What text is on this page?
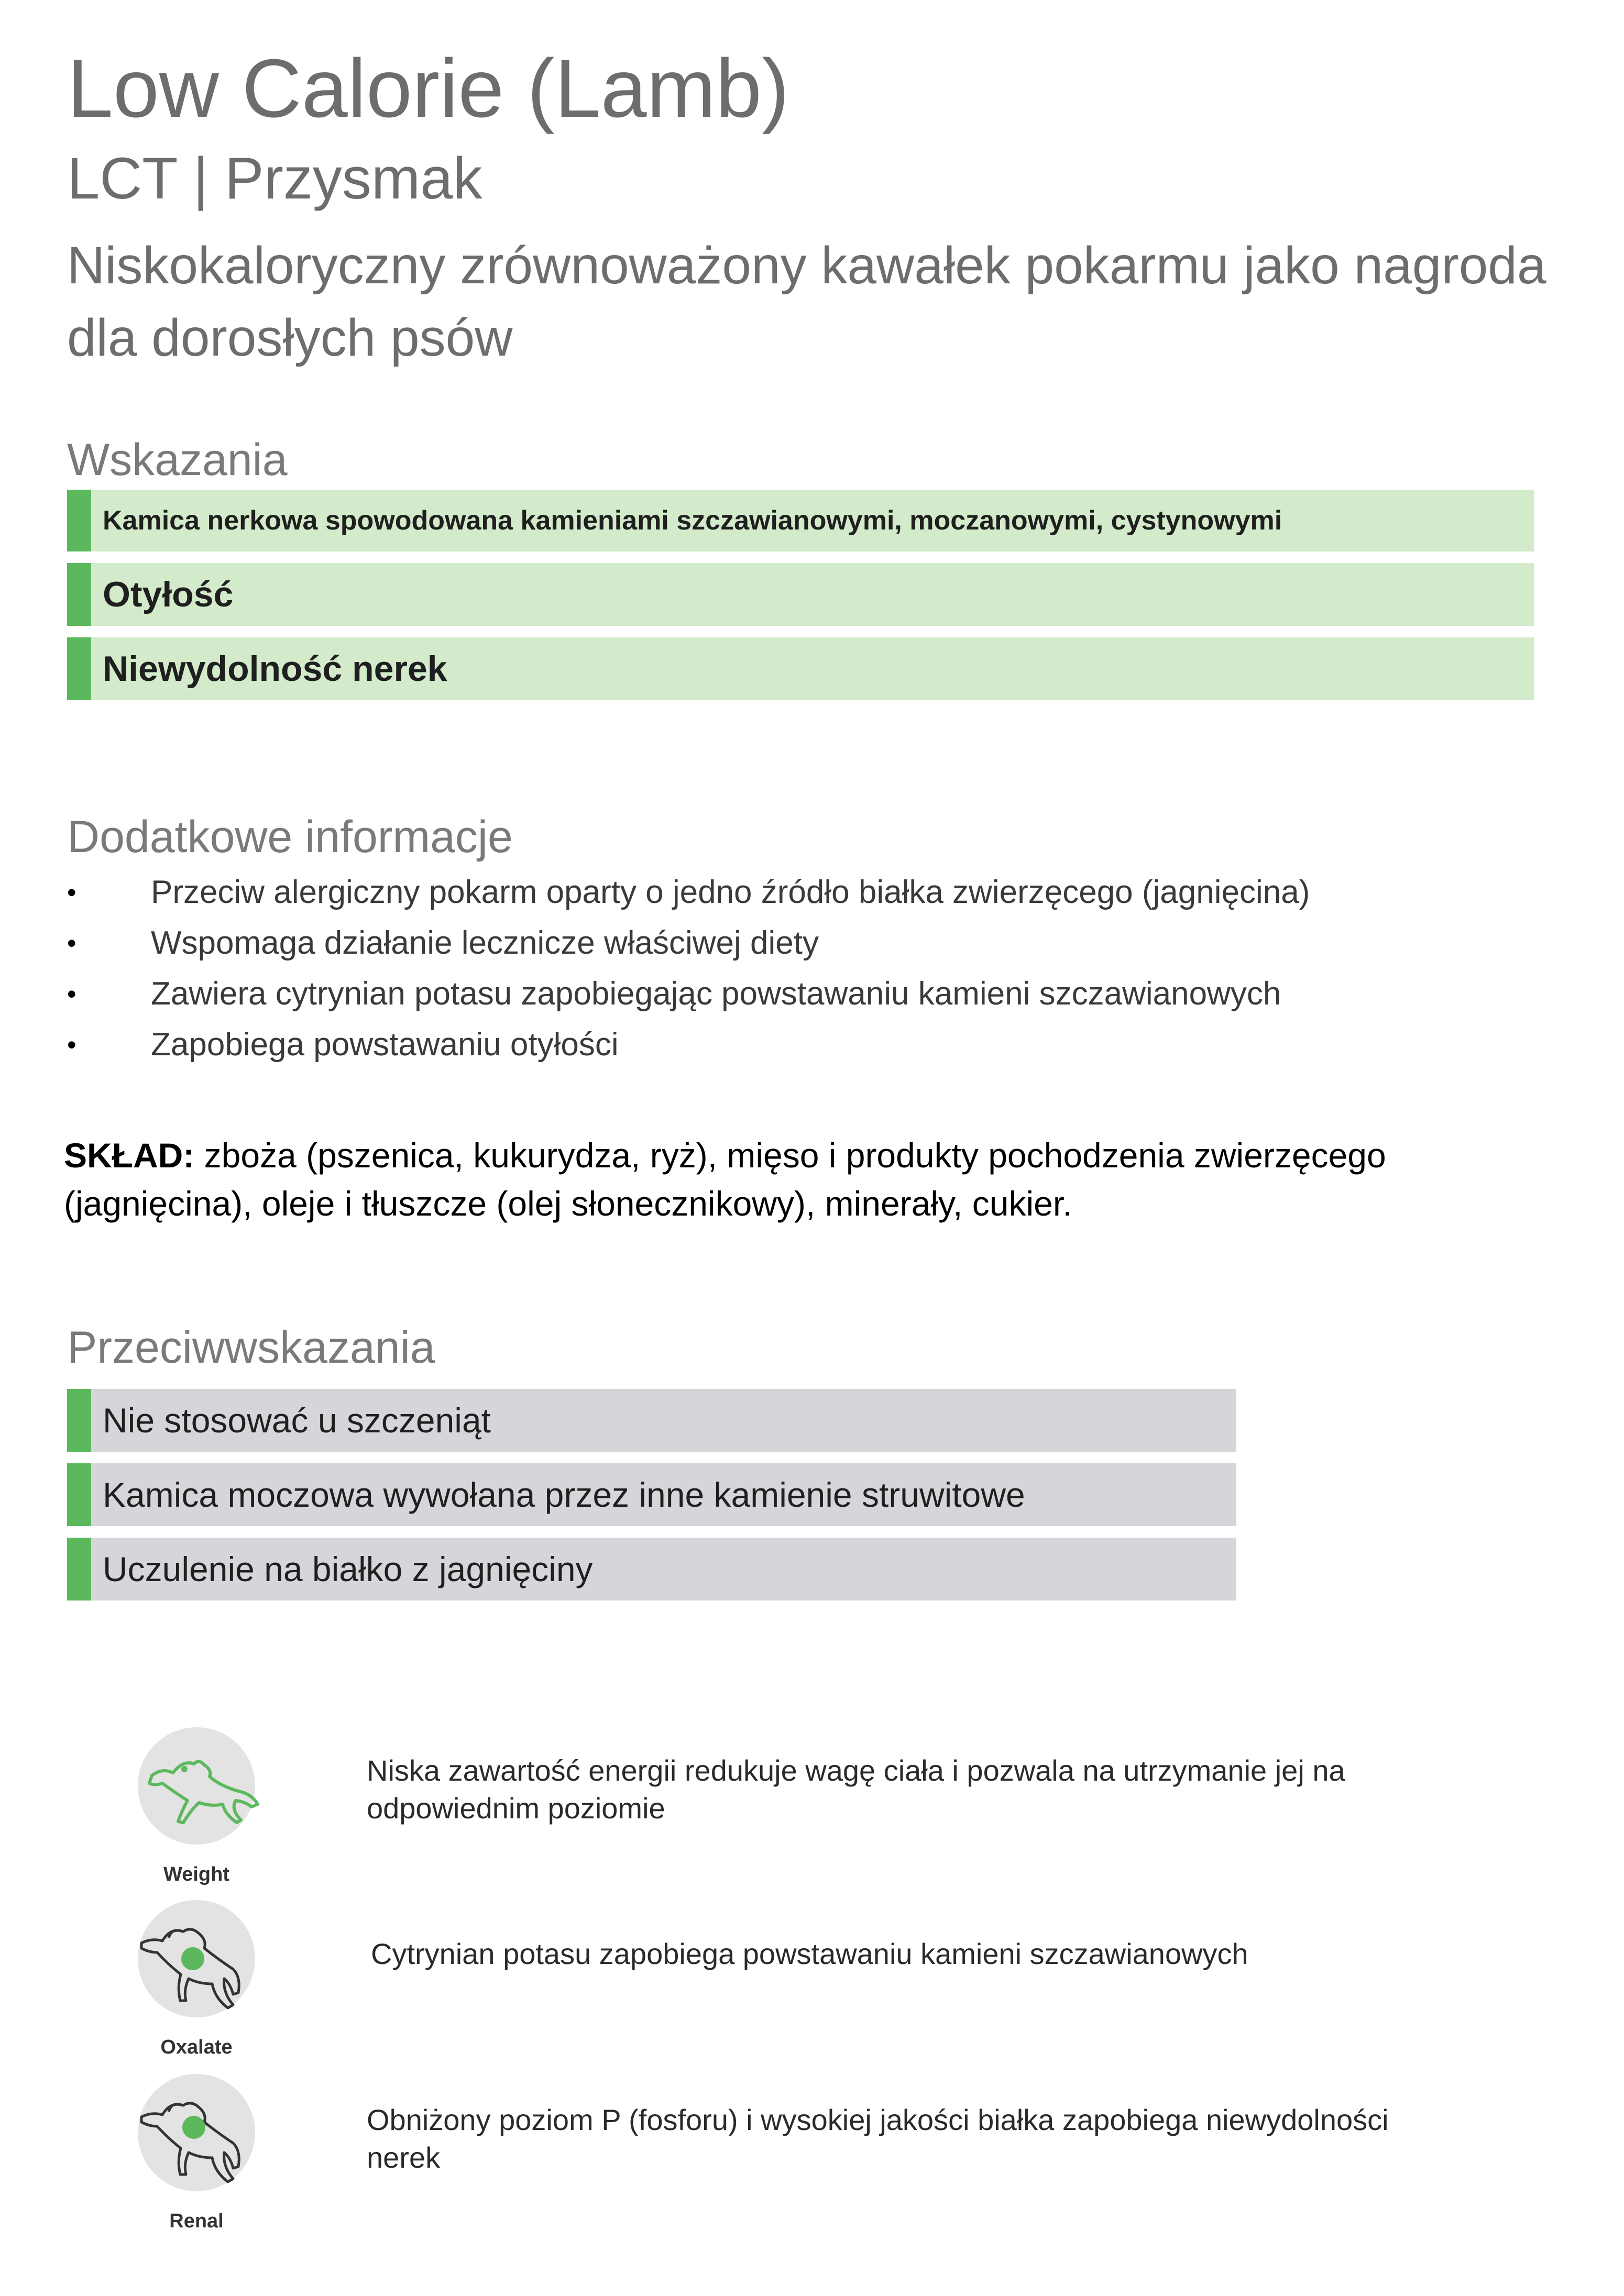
Low Calorie (Lamb)
LCT | Przysmak
Niskokaloryczny zrównoważony kawałek pokarmu jako nagroda dla dorosłych psów
Wskazania
Kamica nerkowa spowodowana kamieniami szczawianowymi, moczanowymi, cystynowymi
Otyłość
Niewydolność nerek
Dodatkowe informacje
• Przeciw alergiczny pokarm oparty o jedno źródło białka zwierzęcego (jagnięcina)
• Wspomaga działanie lecznicze właściwej diety
• Zawiera cytrynian potasu zapobiegając powstawaniu kamieni szczawianowych
• Zapobiega powstawaniu otyłości
SKŁAD: zboża (pszenica, kukurydza, ryż), mięso i produkty pochodzenia zwierzęcego (jagnięcina), oleje i tłuszcze (olej słonecznikowy), minerały, cukier.
Przeciwwskazania
Nie stosować u szczeniąt
Kamica moczowa wywołana przez inne kamienie struwitowe
Uczulenie na białko z jagnięciny
Weight
Niska zawartość energii redukuje wagę ciała i pozwala na utrzymanie jej na odpowiednim poziomie
Oxalate
Cytrynian potasu zapobiega powstawaniu kamieni szczawianowych
Renal
Obniżony poziom P (fosforu) i wysokiej jakości białka zapobiega niewydolności nerek
